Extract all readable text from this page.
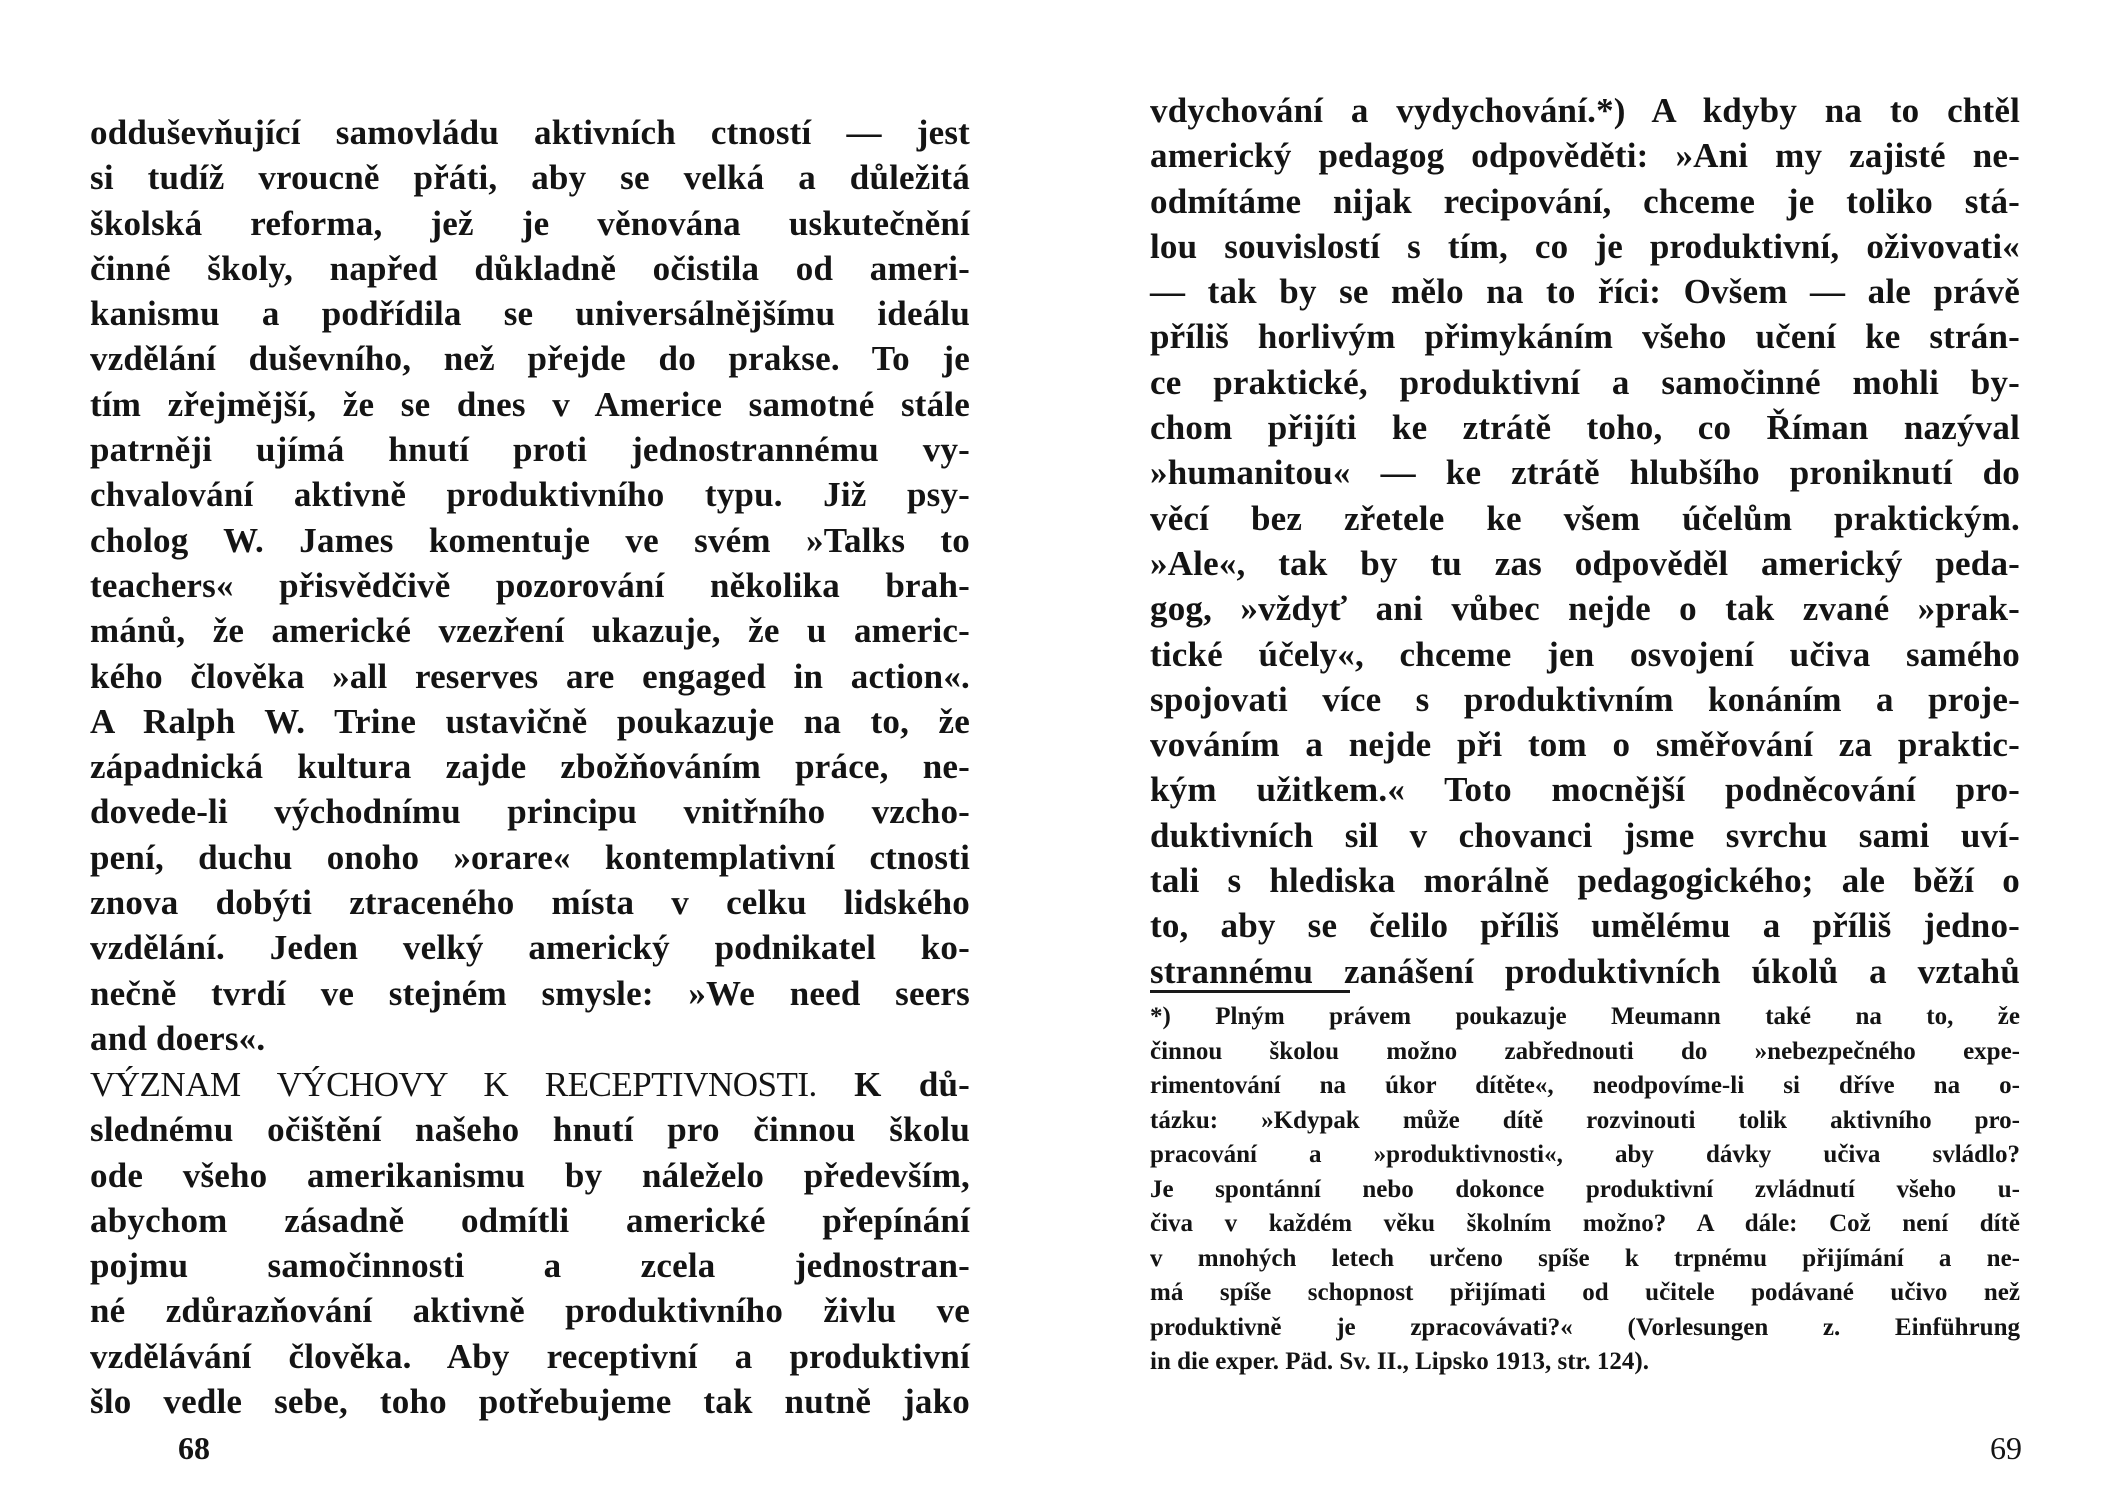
odduševňující samovládu aktivních ctností — jest
si tudíž vroucně přáti, aby se velká a důležitá
školská reforma, jež je věnována uskutečnění
činné školy, napřed důkladně očistila od ameri-
kanismu a podřídila se universálnějšímu ideálu
vzdělání duševního, než přejde do prakse. To je
tím zřejmější, že se dnes v Americe samotné stále
patrněji ujímá hnutí proti jednostrannému vy-
chvalování aktivně produktivního typu. Již psy-
cholog W. James komentuje ve svém »Talks to
teachers« přisvědčivě pozorování několika brah-
mánů, že americké vzezření ukazuje, že u americ-
kého člověka »all reserves are engaged in action«.
A Ralph W. Trine ustavičně poukazuje na to, že
západnická kultura zajde zbožňováním práce, ne-
dovede-li východnímu principu vnitřního vzcho-
pení, duchu onoho »orare« kontemplativní ctnosti
znova dobýti ztraceného místa v celku lidského
vzdělání. Jeden velký americký podnikatel ko-
nečně tvrdí ve stejném smysle: »We need seers
and doers«.
VÝZNAM VÝCHOVY K RECEPTIVNOSTI. K dů-
slednému očištění našeho hnutí pro činnou školu
ode všeho amerikanismu by náleželo především,
abychom zásadně odmítli americké přepínání
pojmu samočinnosti a zcela jednostran-
né zdůrazňování aktivně produktivního živlu ve
vzdělávání člověka. Aby receptivní a produktivní
šlo vedle sebe, toho potřebujeme tak nutně jako
68
vdychování a vydychování.*) A kdyby na to chtěl
americký pedagog odpověděti: »Ani my zajisté ne-
odmítáme nijak recipování, chceme je toliko stá-
lou souvislostí s tím, co je produktivní, oživovati«
— tak by se mělo na to říci: Ovšem — ale právě
příliš horlivým přimykáním všeho učení ke strán-
ce praktické, produktivní a samočinné mohli by-
chom přijíti ke ztrátě toho, co Říman nazýval
»humanitou« — ke ztrátě hlubšího proniknutí do
věcí bez zřetele ke všem účelům praktickým.
»Ale«, tak by tu zas odpověděl americký peda-
gog, »vždyť ani vůbec nejde o tak zvané »prak-
tické účely«, chceme jen osvojení učiva samého
spojovati více s produktivním konáním a proje-
vováním a nejde při tom o směřování za praktic-
kým užitkem.« Toto mocnější podněcování pro-
duktivních sil v chovanci jsme svrchu sami uví-
tali s hlediska morálně pedagogického; ale běží o
to, aby se čelilo příliš umělému a příliš jedno-
strannému zanášení produktivních úkolů a vztahů
*) Plným právem poukazuje Meumann také na to, že
činnou školou možno zabřednouti do »nebezpečného expe-
rimentování na úkor dítěte«, neodpovíme-li si dříve na o-
tázku: »Kdypak může dítě rozvinouti tolik aktivního pro-
pracování a »produktivnosti«, aby dávky učiva svládlo?
Je spontánní nebo dokonce produktivní zvládnutí všeho u-
čiva v každém věku školním možno? A dále: Což není dítě
v mnohých letech určeno spíše k trpnému přijímání a ne-
má spíše schopnost přijímati od učitele podávané učivo než
produktivně je zpracovávati?« (Vorlesungen z. Einführung
in die exper. Päd. Sv. II., Lipsko 1913, str. 124).
69
